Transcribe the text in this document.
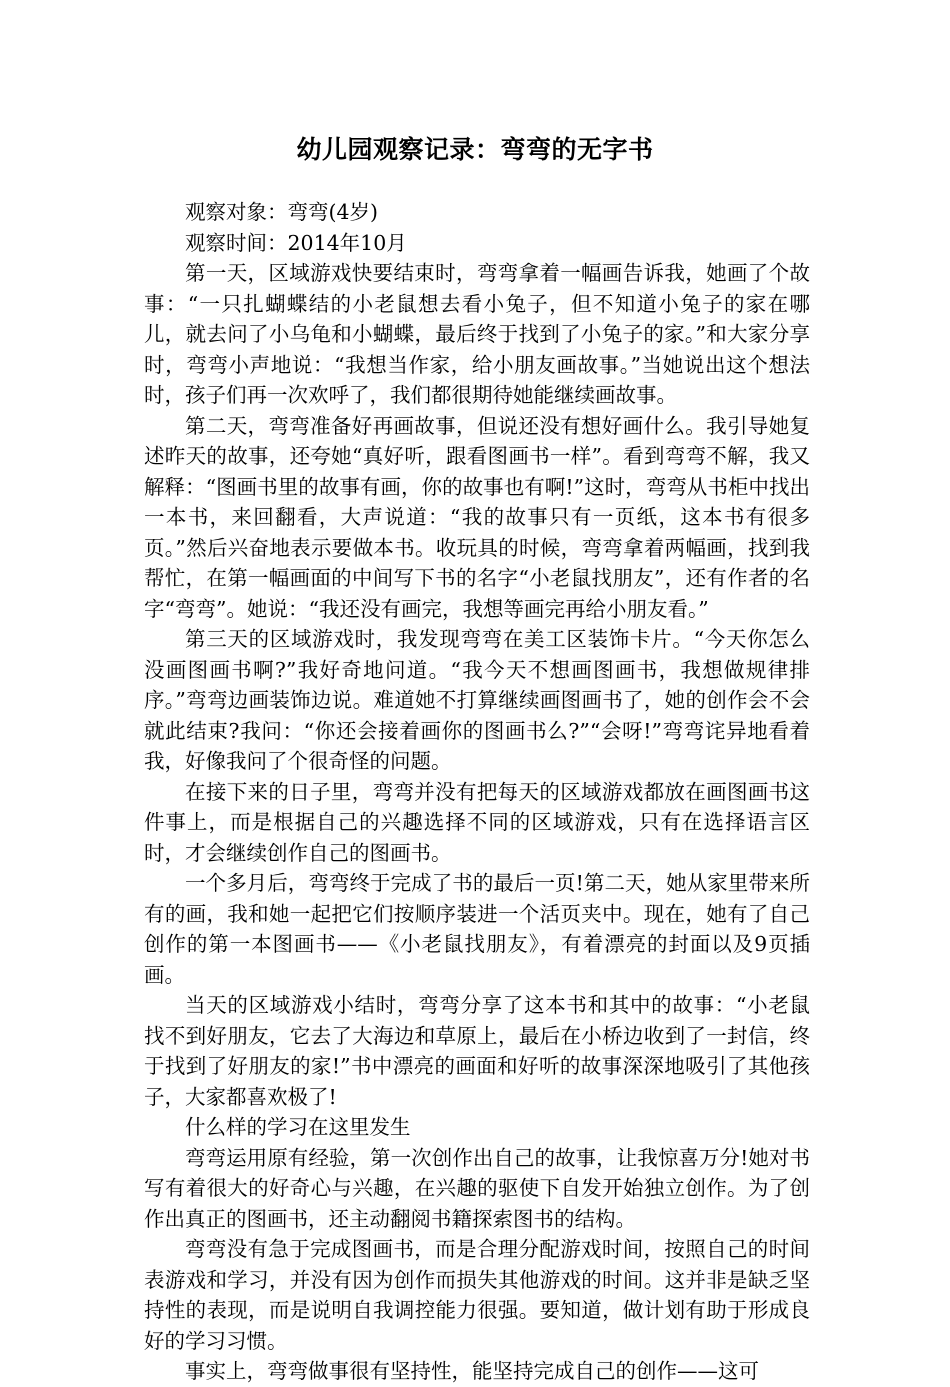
幼儿园观察记录：弯弯的无字书

观察对象：弯弯(4岁)

观察时间：2014年10月

第一天，区域游戏快要结束时，弯弯拿着一幅画告诉我，她画了个故事：“一只扎蝴蝶结的小老鼠想去看小兔子，但不知道小兔子的家在哪儿，就去问了小乌龟和小蝴蝶，最后终于找到了小兔子的家。”和大家分享时，弯弯小声地说：“我想当作家，给小朋友画故事。”当她说出这个想法时，孩子们再一次欢呼了，我们都很期待她能继续画故事。

第二天，弯弯准备好再画故事，但说还没有想好画什么。我引导她复述昨天的故事，还夸她“真好听，跟看图画书一样”。看到弯弯不解，我又解释：“图画书里的故事有画，你的故事也有啊!”这时，弯弯从书柜中找出一本书，来回翻看，大声说道：“我的故事只有一页纸，这本书有很多页。”然后兴奋地表示要做本书。收玩具的时候，弯弯拿着两幅画，找到我帮忙，在第一幅画面的中间写下书的名字“小老鼠找朋友”，还有作者的名字“弯弯”。她说：“我还没有画完，我想等画完再给小朋友看。”

第三天的区域游戏时，我发现弯弯在美工区装饰卡片。“今天你怎么没画图画书啊?”我好奇地问道。“我今天不想画图画书，我想做规律排序。”弯弯边画装饰边说。难道她不打算继续画图画书了，她的创作会不会就此结束?我问：“你还会接着画你的图画书么?”“会呀!”弯弯诧异地看着我，好像我问了个很奇怪的问题。

在接下来的日子里，弯弯并没有把每天的区域游戏都放在画图画书这件事上，而是根据自己的兴趣选择不同的区域游戏，只有在选择语言区时，才会继续创作自己的图画书。

一个多月后，弯弯终于完成了书的最后一页!第二天，她从家里带来所有的画，我和她一起把它们按顺序装进一个活页夹中。现在，她有了自己创作的第一本图画书——《小老鼠找朋友》，有着漂亮的封面以及9页插画。

当天的区域游戏小结时，弯弯分享了这本书和其中的故事：“小老鼠找不到好朋友，它去了大海边和草原上，最后在小桥边收到了一封信，终于找到了好朋友的家!”书中漂亮的画面和好听的故事深深地吸引了其他孩子，大家都喜欢极了!

什么样的学习在这里发生

弯弯运用原有经验，第一次创作出自己的故事，让我惊喜万分!她对书写有着很大的好奇心与兴趣，在兴趣的驱使下自发开始独立创作。为了创作出真正的图画书，还主动翻阅书籍探索图书的结构。

弯弯没有急于完成图画书，而是合理分配游戏时间，按照自己的时间表游戏和学习，并没有因为创作而损失其他游戏的时间。这并非是缺乏坚持性的表现，而是说明自我调控能力很强。要知道，做计划有助于形成良好的学习习惯。

事实上，弯弯做事很有坚持性，能坚持完成自己的创作——这可
